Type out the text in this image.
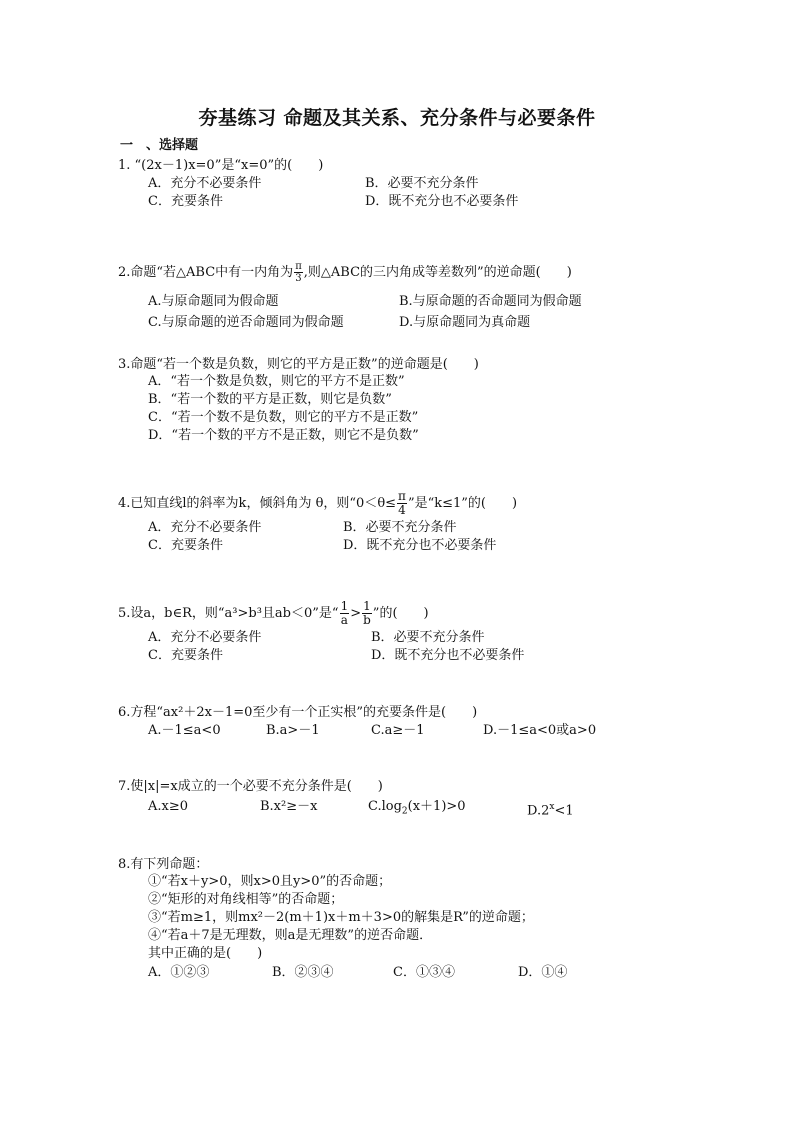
夯基练习 命题及其关系、充分条件与必要条件
一　、选择题
1. “(2x－1)x=0”是“x=0”的(　　)
A．充分不必要条件	B．必要不充分条件
C．充要条件	D．既不充分也不必要条件
2.命题“若△ABC中有一内角为 $\frac{\pi}{3}$ ,则△ABC的三内角成等差数列”的逆命题(　　)
A.与原命题同为假命题	B.与原命题的否命题同为假命题
C.与原命题的逆否命题同为假命题	D.与原命题同为真命题
3.命题“若一个数是负数，则它的平方是正数”的逆命题是(　　)
A．“若一个数是负数，则它的平方不是正数”
B．“若一个数的平方是正数，则它是负数”
C．“若一个数不是负数，则它的平方不是正数”
D．“若一个数的平方不是正数，则它不是负数”
4.已知直线l的斜率为k，倾斜角为 θ，则“$0<\theta\le \frac{\pi}{4}$ ”是“k≤1”的(　　)
A．充分不必要条件	B．必要不充分条件
C．充要条件	D．既不充分也不必要条件
5.设a，b∈R，则“a³>b³且ab＜0”是“ $\frac{1}{a} > \frac{1}{b}$ ”的(　　)
A．充分不必要条件	B．必要不充分条件
C．充要条件	D．既不充分也不必要条件
6.方程“ax²＋2x－1=0至少有一个正实根”的充要条件是(　　)
A.－1≤a<0	B.a>－1	C.a≥－1	D.－1≤a<0或a>0
7.使|x|=x成立的一个必要不充分条件是(　　)
A.x≥0	B.x²≥－x	$C.\log_2(x+1)>0$	$D.2^x<1$
8.有下列命题：
①“若x＋y>0，则x>0且y>0”的否命题；
②“矩形的对角线相等”的否命题；
③“若m≥1，则mx²－2(m＋1)x＋m＋3>0的解集是R”的逆命题；
④“若a＋7是无理数，则a是无理数”的逆否命题．
其中正确的是(　　)
A．①②③	B．②③④	C．①③④	D．①④
